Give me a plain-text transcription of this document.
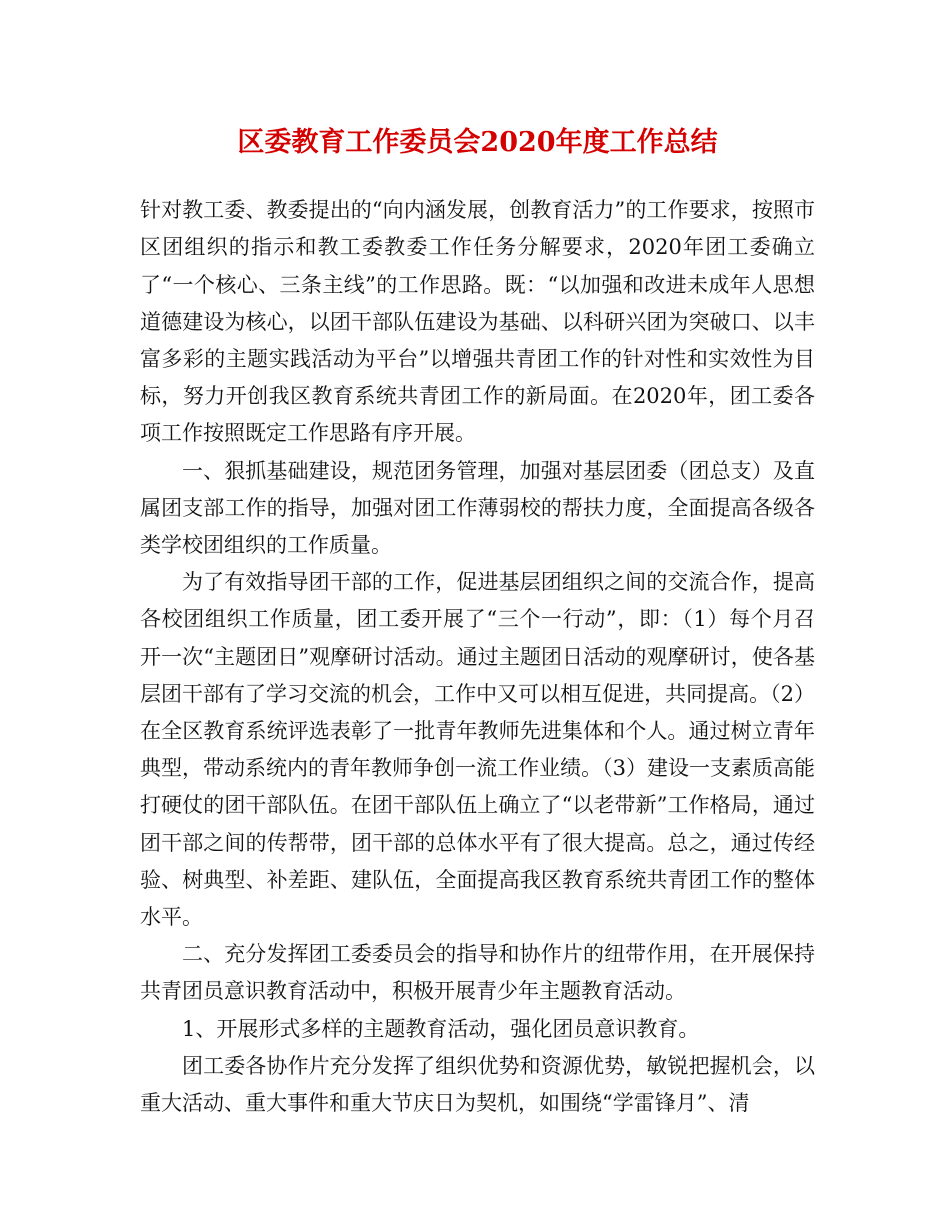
区委教育工作委员会2020年度工作总结

针对教工委、教委提出的“向内涵发展，创教育活力”的工作要求，按照市区团组织的指示和教工委教委工作任务分解要求，2020年团工委确立了“一个核心、三条主线”的工作思路。既：“以加强和改进未成年人思想道德建设为核心，以团干部队伍建设为基础、以科研兴团为突破口、以丰富多彩的主题实践活动为平台”以增强共青团工作的针对性和实效性为目标，努力开创我区教育系统共青团工作的新局面。在2020年，团工委各项工作按照既定工作思路有序开展。

一、狠抓基础建设，规范团务管理，加强对基层团委（团总支）及直属团支部工作的指导，加强对团工作薄弱校的帮扶力度，全面提高各级各类学校团组织的工作质量。

为了有效指导团干部的工作，促进基层团组织之间的交流合作，提高各校团组织工作质量，团工委开展了“三个一行动”，即：（1）每个月召开一次“主题团日”观摩研讨活动。通过主题团日活动的观摩研讨，使各基层团干部有了学习交流的机会，工作中又可以相互促进，共同提高。（2）在全区教育系统评选表彰了一批青年教师先进集体和个人。通过树立青年典型，带动系统内的青年教师争创一流工作业绩。（3）建设一支素质高能打硬仗的团干部队伍。在团干部队伍上确立了“以老带新”工作格局，通过团干部之间的传帮带，团干部的总体水平有了很大提高。总之，通过传经验、树典型、补差距、建队伍，全面提高我区教育系统共青团工作的整体水平。

二、充分发挥团工委委员会的指导和协作片的纽带作用，在开展保持共青团员意识教育活动中，积极开展青少年主题教育活动。

1、开展形式多样的主题教育活动，强化团员意识教育。

团工委各协作片充分发挥了组织优势和资源优势，敏锐把握机会，以重大活动、重大事件和重大节庆日为契机，如围绕“学雷锋月”、清
